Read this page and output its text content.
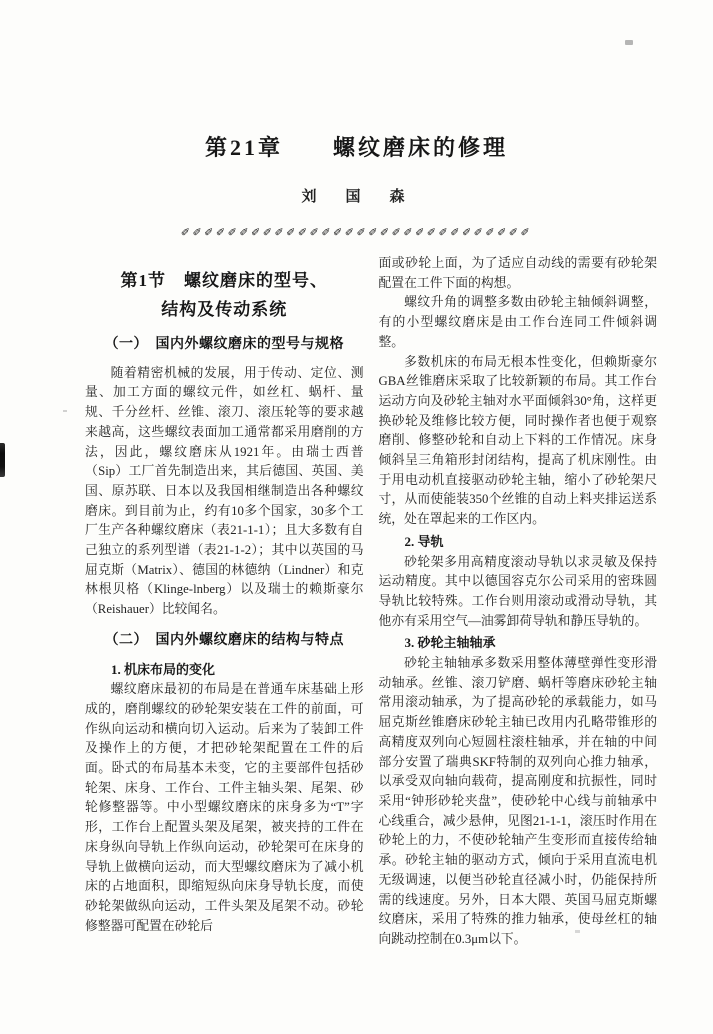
第21章　　螺纹磨床的修理
刘　国　森
✐✐✐✐✐✐✐✐✐✐✐✐✐✐✐✐✐✐✐✐✐✐✐✐✐✐✐✐✐✐
第1节　螺纹磨床的型号、
结构及传动系统
（一）　国内外螺纹磨床的型号与规格

随着精密机械的发展，用于传动、定位、测量、加工方面的螺纹元件，如丝杠、蜗杆、量规、千分丝杆、丝锥、滚刀、滚压轮等的要求越来越高，这些螺纹表面加工通常都采用磨削的方法，因此，螺纹磨床从1921年。由瑞士西普（Sip）工厂首先制造出来，其后德国、英国、美国、原苏联、日本以及我国相继制造出各种螺纹磨床。到目前为止，约有10多个国家，30多个工厂生产各种螺纹磨床（表21-1-1）；且大多数有自己独立的系列型谱（表21-1-2）；其中以英国的马屈克斯（Matrix）、德国的林德纳（Lindner）和克林根贝格（Klinge-lnberg）以及瑞士的赖斯豪尔（Reishauer）比较闻名。

（二）　国内外螺纹磨床的结构与特点
1. 机床布局的变化

螺纹磨床最初的布局是在普通车床基础上形成的，磨削螺纹的砂轮架安装在工件的前面，可作纵向运动和横向切入运动。后来为了装卸工件及操作上的方便，才把砂轮架配置在工件的后面。卧式的布局基本未变，它的主要部件包括砂轮架、床身、工作台、工件主轴头架、尾架、砂轮修整器等。中小型螺纹磨床的床身多为“T”字形，工作台上配置头架及尾架，被夹持的工件在床身纵向导轨上作纵向运动，砂轮架可在床身的导轨上做横向运动，而大型螺纹磨床为了减小机床的占地面积，即缩短纵向床身导轨长度，而使砂轮架做纵向运动，工件头架及尾架不动。砂轮修整器可配置在砂轮后

面或砂轮上面，为了适应自动线的需要有砂轮架配置在工件下面的构想。

螺纹升角的调整多数由砂轮主轴倾斜调整，有的小型螺纹磨床是由工作台连同工件倾斜调整。

多数机床的布局无根本性变化，但赖斯豪尔GBA丝锥磨床采取了比较新颖的布局。其工作台运动方向及砂轮主轴对水平面倾斜30°角，这样更换砂轮及维修比较方便，同时操作者也便于观察磨削、修整砂轮和自动上下料的工作情况。床身倾斜呈三角箱形封闭结构，提高了机床刚性。由于用电动机直接驱动砂轮主轴，缩小了砂轮架尺寸，从而使能装350个丝锥的自动上料夹排运送系统，处在罩起来的工作区内。

2. 导轨

砂轮架多用高精度滚动导轨以求灵敏及保持运动精度。其中以德国容克尔公司采用的密珠圆导轨比较特殊。工作台则用滚动或滑动导轨，其他亦有采用空气—油雾卸荷导轨和静压导轨的。

3. 砂轮主轴轴承

砂轮主轴轴承多数采用整体薄壁弹性变形滑动轴承。丝锥、滚刀铲磨、蜗杆等磨床砂轮主轴常用滚动轴承，为了提高砂轮的承载能力，如马屈克斯丝锥磨床砂轮主轴已改用内孔略带锥形的高精度双列向心短圆柱滚柱轴承，并在轴的中间部分安置了瑞典SKF特制的双列向心推力轴承，以承受双向轴向载荷，提高刚度和抗振性，同时采用“钟形砂轮夹盘”，使砂轮中心线与前轴承中心线重合，减少悬伸，见图21-1-1，滚压时作用在砂轮上的力，不使砂轮轴产生变形而直接传给轴承。砂轮主轴的驱动方式，倾向于采用直流电机无级调速，以便当砂轮直径减小时，仍能保持所需的线速度。另外，日本大隈、英国马屈克斯螺纹磨床，采用了特殊的推力轴承，使母丝杠的轴向跳动控制在0.3μm以下。
